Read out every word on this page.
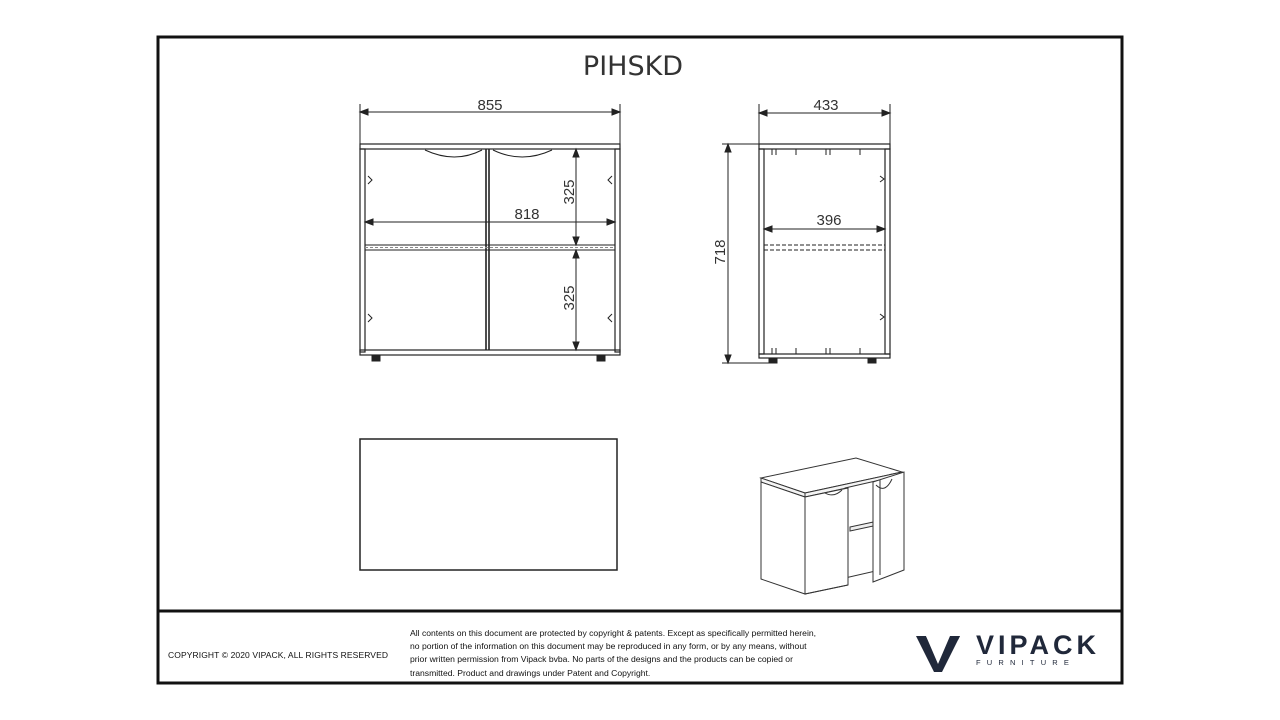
PIHSKD
855
818
325
325
433
396
718
COPYRIGHT © 2020 VIPACK, ALL RIGHTS RESERVED
All contents on this document are protected by copyright & patents. Except as specifically permitted herein,
no portion of the information on this document may be reproduced in any form, or by any means, without
prior written permission from Vipack bvba. No parts of the designs and the products can be copied or
transmitted. Product and drawings under Patent and Copyright.
VIPACK
FURNITURE
